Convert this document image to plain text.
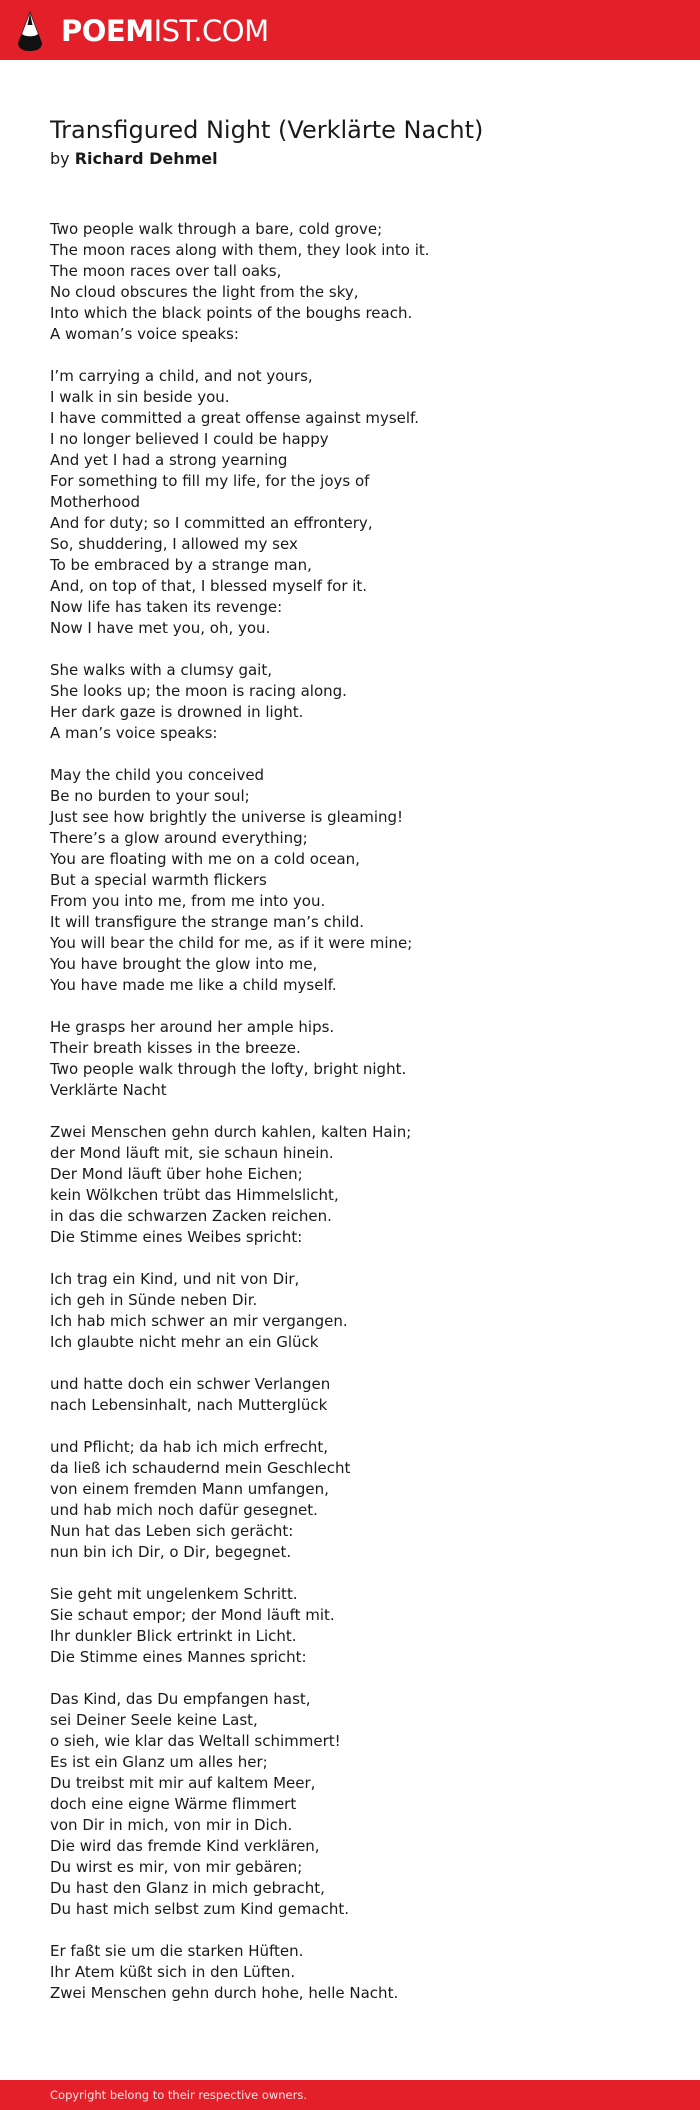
POEMIST.COM
Transfigured Night (Verklärte Nacht)

by Richard Dehmel

Two people walk through a bare, cold grove;
The moon races along with them, they look into it.
The moon races over tall oaks,
No cloud obscures the light from the sky,
Into which the black points of the boughs reach.
A woman’s voice speaks:
I’m carrying a child, and not yours,
I walk in sin beside you.
I have committed a great offense against myself.
I no longer believed I could be happy
And yet I had a strong yearning
For something to fill my life, for the joys of
Motherhood
And for duty; so I committed an effrontery,
So, shuddering, I allowed my sex
To be embraced by a strange man,
And, on top of that, I blessed myself for it.
Now life has taken its revenge:
Now I have met you, oh, you.
She walks with a clumsy gait,
She looks up; the moon is racing along.
Her dark gaze is drowned in light.
A man’s voice speaks:
May the child you conceived
Be no burden to your soul;
Just see how brightly the universe is gleaming!
There’s a glow around everything;
You are floating with me on a cold ocean,
But a special warmth flickers
From you into me, from me into you.
It will transfigure the strange man’s child.
You will bear the child for me, as if it were mine;
You have brought the glow into me,
You have made me like a child myself.
He grasps her around her ample hips.
Their breath kisses in the breeze.
Two people walk through the lofty, bright night.
Verklärte Nacht
Zwei Menschen gehn durch kahlen, kalten Hain;
der Mond läuft mit, sie schaun hinein.
Der Mond läuft über hohe Eichen;
kein Wölkchen trübt das Himmelslicht,
in das die schwarzen Zacken reichen.
Die Stimme eines Weibes spricht:
Ich trag ein Kind, und nit von Dir,
ich geh in Sünde neben Dir.
Ich hab mich schwer an mir vergangen.
Ich glaubte nicht mehr an ein Glück
und hatte doch ein schwer Verlangen
nach Lebensinhalt, nach Mutterglück
und Pflicht; da hab ich mich erfrecht,
da ließ ich schaudernd mein Geschlecht
von einem fremden Mann umfangen,
und hab mich noch dafür gesegnet.
Nun hat das Leben sich gerächt:
nun bin ich Dir, o Dir, begegnet.
Sie geht mit ungelenkem Schritt.
Sie schaut empor; der Mond läuft mit.
Ihr dunkler Blick ertrinkt in Licht.
Die Stimme eines Mannes spricht:
Das Kind, das Du empfangen hast,
sei Deiner Seele keine Last,
o sieh, wie klar das Weltall schimmert!
Es ist ein Glanz um alles her;
Du treibst mit mir auf kaltem Meer,
doch eine eigne Wärme flimmert
von Dir in mich, von mir in Dich.
Die wird das fremde Kind verklären,
Du wirst es mir, von mir gebären;
Du hast den Glanz in mich gebracht,
Du hast mich selbst zum Kind gemacht.
Er faßt sie um die starken Hüften.
Ihr Atem küßt sich in den Lüften.
Zwei Menschen gehn durch hohe, helle Nacht.
Copyright belong to their respective owners.
